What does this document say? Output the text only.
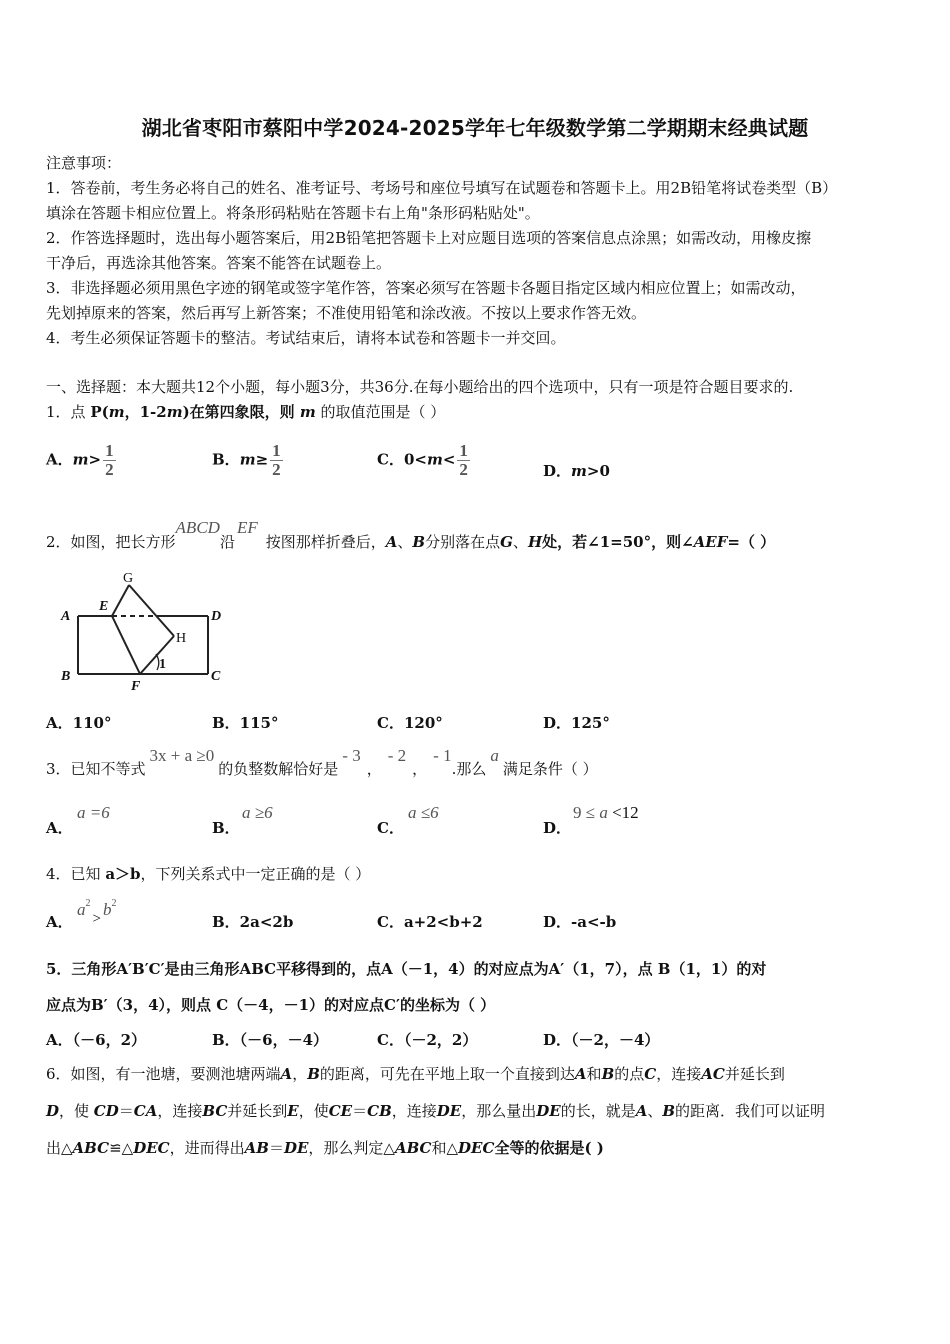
湖北省枣阳市蔡阳中学2024-2025学年七年级数学第二学期期末经典试题
注意事项：
1．答卷前，考生务必将自己的姓名、准考证号、考场号和座位号填写在试题卷和答题卡上。用2B铅笔将试卷类型（B）
填涂在答题卡相应位置上。将条形码粘贴在答题卡右上角"条形码粘贴处"。
2．作答选择题时，选出每小题答案后，用2B铅笔把答题卡上对应题目选项的答案信息点涂黑；如需改动，用橡皮擦
干净后，再选涂其他答案。答案不能答在试题卷上。
3．非选择题必须用黑色字迹的钢笔或签字笔作答，答案必须写在答题卡各题目指定区域内相应位置上；如需改动，
先划掉原来的答案，然后再写上新答案；不准使用铅笔和涂改液。不按以上要求作答无效。
4．考生必须保证答题卡的整洁。考试结束后，请将本试卷和答题卡一并交回。
一、选择题：本大题共12个小题，每小题3分，共36分.在每小题给出的四个选项中，只有一项是符合题目要求的.
1．点 P(m，1-2m)在第四象限，则 m 的取值范围是（ ）
A．$m> \frac{1}{2}$	B．$m\ge \frac{1}{2}$	C．$0<m< \frac{1}{2}$	D．m>0
2．如图，把长方形ABCD沿EF按图那样折叠后，A、B分别落在点G、H处，若∠1=50°，则∠AEF=（ ）
A
E
G
D
H
B
F
C
1
A．110°	B．115°	C．120°	D．125°
3．已知不等式3x + a ≥0的负整数解恰好是- 3，- 2，- 1.那么a满足条件（ ）
A．
a =6
B．
a ≥6
C．
a ≤6
D．
9 ≤ a <12
4．已知 a＞b，下列关系式中一定正确的是（ ）
A．
$a^2> b^2$
B．2a<2b	C．a+2<b+2	D．-a<-b
5．三角形A′B′C′是由三角形ABC平移得到的，点A（－1，4）的对应点为A′（1，7），点 B（1，1）的对
应点为B′（3，4），则点 C（－4，－1）的对应点C′的坐标为（ ）
A．（－6，2）	B．（－6，－4）	C．（－2，2）	D．（－2，－4）
6．如图，有一池塘，要测池塘两端A，B的距离，可先在平地上取一个直接到达A和B的点C，连接AC并延长到
D，使 CD＝CA，连接BC并延长到E，使CE＝CB，连接DE，那么量出DE的长，就是A、B的距离．我们可以证明
出△ABC≌△DEC，进而得出AB＝DE，那么判定△ABC和△DEC全等的依据是( )
